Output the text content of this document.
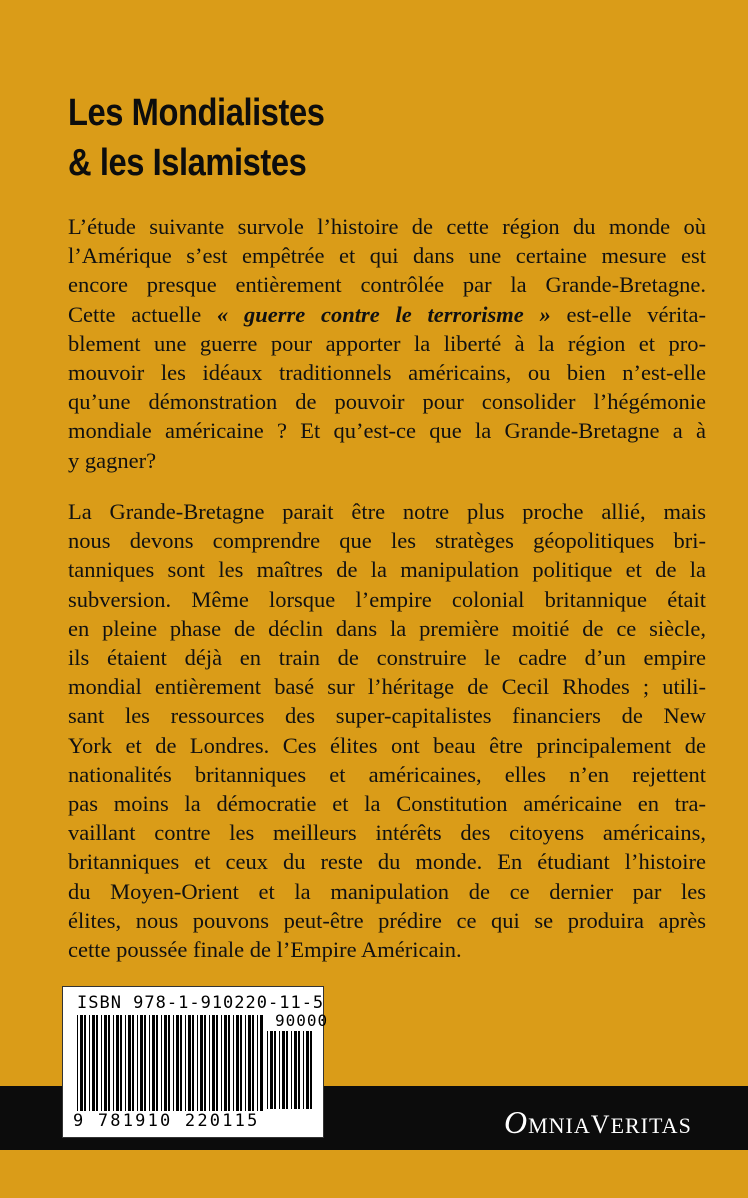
Les Mondialistes
& les Islamistes
L’étude suivante survole l’histoire de cette région du monde où
l’Amérique s’est empêtrée et qui dans une certaine mesure est
encore presque entièrement contrôlée par la Grande-Bretagne.
Cette actuelle « guerre contre le terrorisme » est-elle vérita-
blement une guerre pour apporter la liberté à la région et pro-
mouvoir les idéaux traditionnels américains, ou bien n’est-elle
qu’une démonstration de pouvoir pour consolider l’hégémonie
mondiale américaine ? Et qu’est-ce que la Grande-Bretagne a à
y gagner?
La Grande-Bretagne parait être notre plus proche allié, mais
nous devons comprendre que les stratèges géopolitiques bri-
tanniques sont les maîtres de la manipulation politique et de la
subversion. Même lorsque l’empire colonial britannique était
en pleine phase de déclin dans la première moitié de ce siècle,
ils étaient déjà en train de construire le cadre d’un empire
mondial entièrement basé sur l’héritage de Cecil Rhodes ; utili-
sant les ressources des super-capitalistes financiers de New
York et de Londres. Ces élites ont beau être principalement de
nationalités britanniques et américaines, elles n’en rejettent
pas moins la démocratie et la Constitution américaine en tra-
vaillant contre les meilleurs intérêts des citoyens américains,
britanniques et ceux du reste du monde. En étudiant l’histoire
du Moyen-Orient et la manipulation de ce dernier par les
élites, nous pouvons peut-être prédire ce qui se produira après
cette poussée finale de l’Empire Américain.
ISBN 978-1-910220-11-5
90000
9 781910 220115	OMNIAVERITAS
